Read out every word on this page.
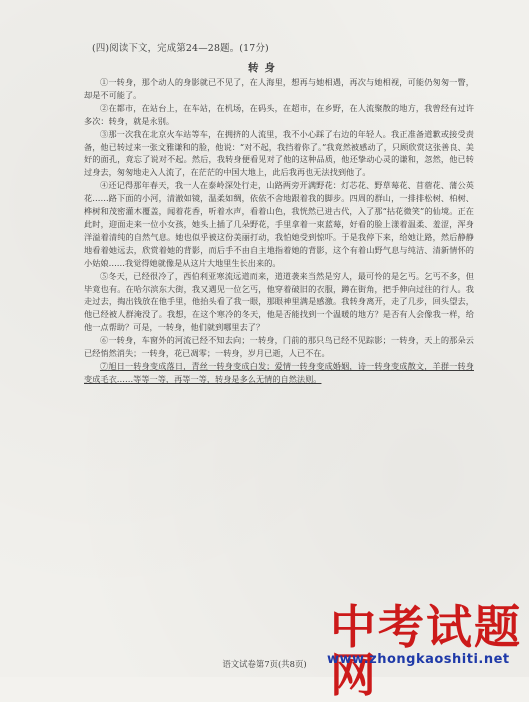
(四)阅读下文，完成第24—28题。(17分)
转身

①一转身，那个动人的身影就已不见了，在人海里，想再与她相遇，再次与她相视，可能仍匆匆一瞥，却是不可能了。

②在都市，在站台上，在车站，在机场，在码头，在超市，在乡野，在人流聚散的地方，我曾经有过许多次：转身，就是永别。

③那一次我在北京火车站等车，在拥挤的人流里，我不小心踩了右边的年轻人。我正准备道歉或接受责备，他已转过来一张文雅谦和的脸，他说：“对不起，我挡着你了。”我竟然被感动了，只顾欣赏这张善良、美好的面孔，竟忘了说对不起。然后，我转身便看见对了他的这种品质，他还挚动心灵的谦和，忽然，他已转过身去，匆匆地走入人流了，在茫茫的中国大地上，此后我再也无法找到他了。

④还记得那年春天，我一人在泰岭深处行走，山路两旁开满野花：灯芯花、野草莓花、苜蓿花、蒲公英花……路下面的小河，清澈如镜，温柔如绸，依依不舍地跟着我的脚步。四周的群山，一排排松树、柏树、桦树和茂密灌木覆盖，闻着花香，听着水声，看着山色，我恍然已进古代，入了那“拈花微笑”的仙境。正在此时，迎面走来一位小女孩，她头上插了几朵野花，手里拿着一束蓝莓，好看的脸上漾着温柔、羞涩，浑身洋溢着清纯的自然气息。她也似乎被这份美丽打动，我怕她受到惊吓。于是我停下来，给她让路，然后静静地看着她远去，欣赏着她的背影，而后手不由自主地指着她的背影，这个有着山野气息与纯洁、清新情怀的小姑娘……我觉得她就像是从这片大地里生长出来的。

⑤冬天，已经很冷了，西伯利亚寒流远道而来，道道袭来当然是穷人，最可怜的是乞丐。乞丐不多，但毕竟也有。在哈尔滨东大街，我又遇见一位乞丐，他穿着破旧的衣服，蹲在街角，把手伸向过往的行人。我走过去，掏出钱放在他手里，他抬头看了我一眼，那眼神里满是感激。我转身离开，走了几步，回头望去，他已经被人群淹没了。我想，在这个寒冷的冬天，他是否能找到一个温暖的地方？是否有人会像我一样，给他一点帮助？可是，一转身，他们就到哪里去了？

⑥一转身，车窗外的河流已经不知去向；一转身，门前的那只鸟已经不见踪影；一转身，天上的那朵云已经悄然消失；一转身，花已凋零；一转身，岁月已逝，人已不在。

⑦旭日一转身变成落日，青丝一转身变成白发；爱情一转身变成婚姻，诗一转身变成散文，羊群一转身变成毛衣……等等一等，再等一等，转身是多么无情的自然法则。

语文试卷第7页(共8页)
中考试题网
www.zhongkaoshiti.net
